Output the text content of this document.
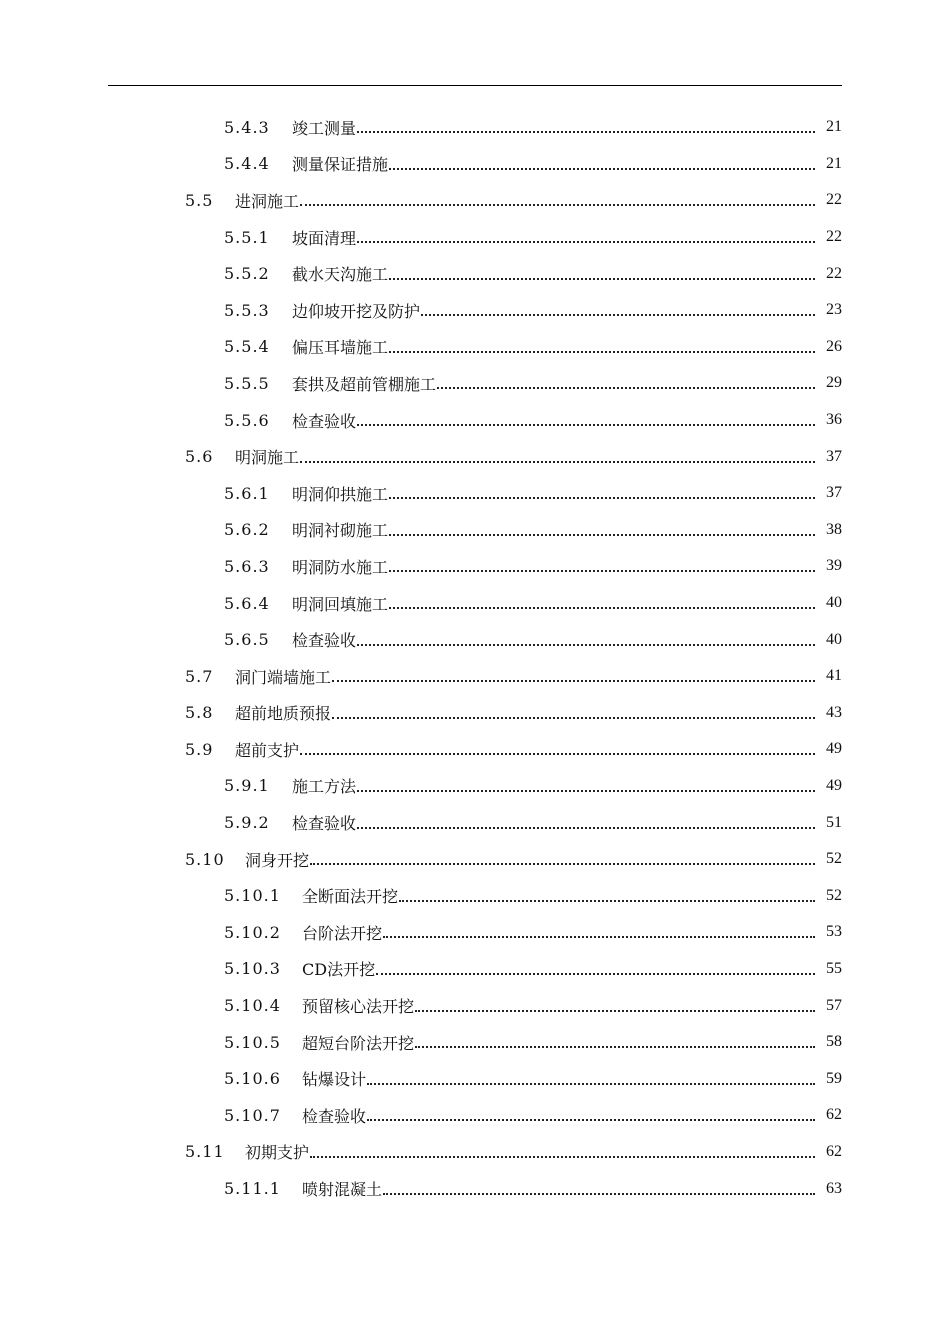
5.4.3	竣工测量	21
5.4.4	测量保证措施	21
5.5	进洞施工	22
5.5.1	坡面清理	22
5.5.2	截水天沟施工	22
5.5.3	边仰坡开挖及防护	23
5.5.4	偏压耳墙施工	26
5.5.5	套拱及超前管棚施工	29
5.5.6	检查验收	36
5.6	明洞施工	37
5.6.1	明洞仰拱施工	37
5.6.2	明洞衬砌施工	38
5.6.3	明洞防水施工	39
5.6.4	明洞回填施工	40
5.6.5	检查验收	40
5.7	洞门端墙施工	41
5.8	超前地质预报	43
5.9	超前支护	49
5.9.1	施工方法	49
5.9.2	检查验收	51
5.10	洞身开挖	52
5.10.1	全断面法开挖	52
5.10.2	台阶法开挖	53
5.10.3	CD法开挖	55
5.10.4	预留核心法开挖	57
5.10.5	超短台阶法开挖	58
5.10.6	钻爆设计	59
5.10.7	检查验收	62
5.11	初期支护	62
5.11.1	喷射混凝土	63
